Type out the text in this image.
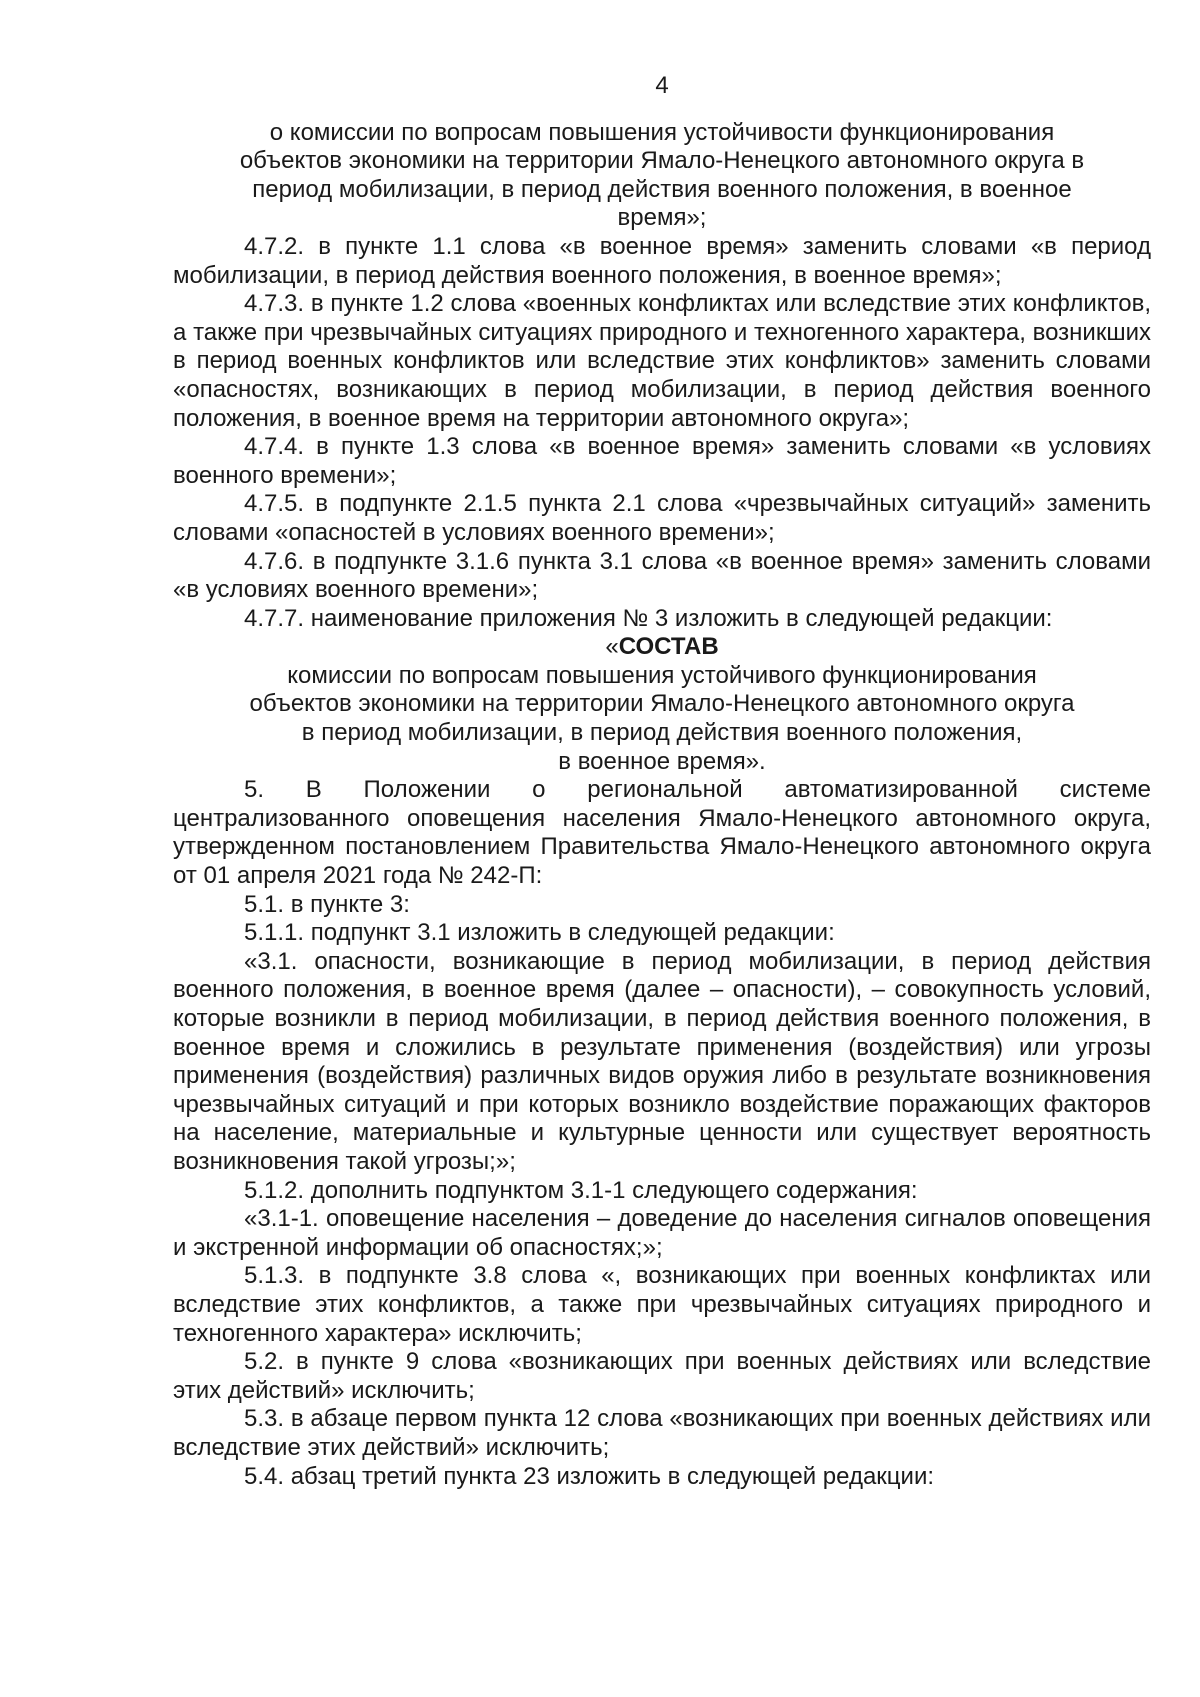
4
о комиссии по вопросам повышения устойчивости функционирования
объектов экономики на территории Ямало-Ненецкого автономного округа в
период мобилизации, в период действия военного положения, в военное
время»;

4.7.2. в пункте 1.1 слова «в военное время» заменить словами «в период мобилизации, в период действия военного положения, в военное время»;

4.7.3. в пункте 1.2 слова «военных конфликтах или вследствие этих конфликтов, а также при чрезвычайных ситуациях природного и техногенного характера, возникших в период военных конфликтов или вследствие этих конфликтов» заменить словами «опасностях, возникающих в период мобилизации, в период действия военного положения, в военное время на территории автономного округа»;

4.7.4. в пункте 1.3 слова «в военное время» заменить словами «в условиях военного времени»;

4.7.5. в подпункте 2.1.5 пункта 2.1 слова «чрезвычайных ситуаций» заменить словами «опасностей в условиях военного времени»;

4.7.6. в подпункте 3.1.6 пункта 3.1 слова «в военное время» заменить словами «в условиях военного времени»;

4.7.7. наименование приложения № 3 изложить в следующей редакции:

«СОСТАВ
комиссии по вопросам повышения устойчивого функционирования
объектов экономики на территории Ямало-Ненецкого автономного округа
в период мобилизации, в период действия военного положения,
в военное время».

5. В Положении о региональной автоматизированной системе централизованного оповещения населения Ямало-Ненецкого автономного округа, утвержденном постановлением Правительства Ямало-Ненецкого автономного округа от 01 апреля 2021 года № 242-П:

5.1. в пункте 3:

5.1.1. подпункт 3.1 изложить в следующей редакции:

«3.1. опасности, возникающие в период мобилизации, в период действия военного положения, в военное время (далее – опасности), – совокупность условий, которые возникли в период мобилизации, в период действия военного положения, в военное время и сложились в результате применения (воздействия) или угрозы применения (воздействия) различных видов оружия либо в результате возникновения чрезвычайных ситуаций и при которых возникло воздействие поражающих факторов на население, материальные и культурные ценности или существует вероятность возникновения такой угрозы;»;

5.1.2. дополнить подпунктом 3.1-1 следующего содержания:

«3.1-1. оповещение населения – доведение до населения сигналов оповещения и экстренной информации об опасностях;»;

5.1.3. в подпункте 3.8 слова «, возникающих при военных конфликтах или вследствие этих конфликтов, а также при чрезвычайных ситуациях природного и техногенного характера» исключить;

5.2. в пункте 9 слова «возникающих при военных действиях или вследствие этих действий» исключить;

5.3. в абзаце первом пункта 12 слова «возникающих при военных действиях или вследствие этих действий» исключить;

5.4. абзац третий пункта 23 изложить в следующей редакции:
